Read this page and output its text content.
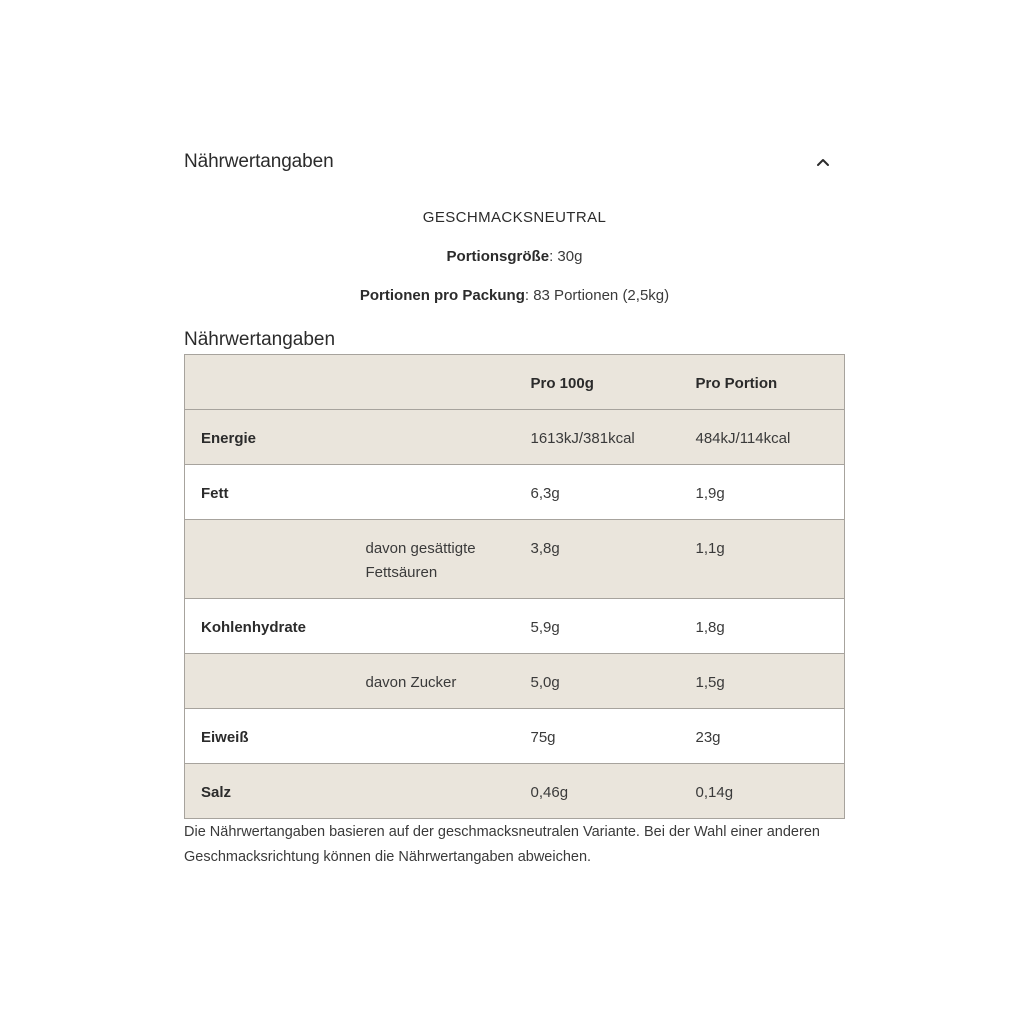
Nährwertangaben
GESCHMACKSNEUTRAL
Portionsgröße: 30g
Portionen pro Packung: 83 Portionen (2,5kg)
Nährwertangaben
		Pro 100g	Pro Portion
Energie		1613kJ/381kcal	484kJ/114kcal
Fett		6,3g	1,9g
	davon gesättigte Fettsäuren	3,8g	1,1g
Kohlenhydrate		5,9g	1,8g
	davon Zucker	5,0g	1,5g
Eiweiß		75g	23g
Salz		0,46g	0,14g
Die Nährwertangaben basieren auf der geschmacksneutralen Variante. Bei der Wahl einer anderen Geschmacksrichtung können die Nährwertangaben abweichen.
